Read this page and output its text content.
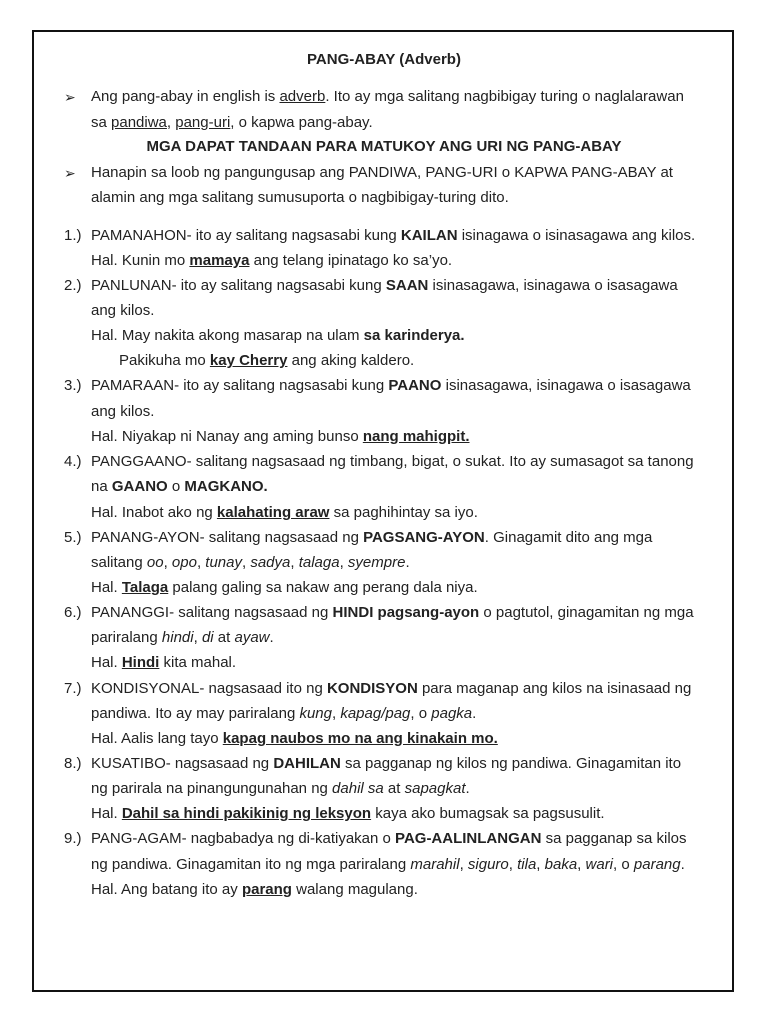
PANG-ABAY (Adverb)
➢ Ang pang-abay in english is adverb. Ito ay mga salitang nagbibigay turing o naglalarawan
sa pandiwa, pang-uri, o kapwa pang-abay.
MGA DAPAT TANDAAN PARA MATUKOY ANG URI NG PANG-ABAY
➢ Hanapin sa loob ng pangungusap ang PANDIWA, PANG-URI o KAPWA PANG-ABAY at
alamin ang mga salitang sumusuporta o nagbibigay-turing dito.
1.) PAMANAHON- ito ay salitang nagsasabi kung KAILAN isinagawa o isinasagawa ang kilos.
Hal. Kunin mo mamaya ang telang ipinatago ko sa’yo.
2.) PANLUNAN- ito ay salitang nagsasabi kung SAAN isinasagawa, isinagawa o isasagawa
ang kilos.
Hal. May nakita akong masarap na ulam sa karinderya.
Pakikuha mo kay Cherry ang aking kaldero.
3.) PAMARAAN- ito ay salitang nagsasabi kung PAANO isinasagawa, isinagawa o isasagawa
ang kilos.
Hal. Niyakap ni Nanay ang aming bunso nang mahigpit.
4.) PANGGAANO- salitang nagsasaad ng timbang, bigat, o sukat. Ito ay sumasagot sa tanong
na GAANO o MAGKANO.
Hal. Inabot ako ng kalahating araw sa paghihintay sa iyo.
5.) PANANG-AYON- salitang nagsasaad ng PAGSANG-AYON. Ginagamit dito ang mga
salitang oo, opo, tunay, sadya, talaga, syempre.
Hal. Talaga palang galing sa nakaw ang perang dala niya.
6.) PANANGGI- salitang nagsasaad ng HINDI pagsang-ayon o pagtutol, ginagamitan ng mga
pariralang hindi, di at ayaw.
Hal. Hindi kita mahal.
7.) KONDISYONAL- nagsasaad ito ng KONDISYON para maganap ang kilos na isinasaad ng
pandiwa. Ito ay may pariralang kung, kapag/pag, o pagka.
Hal. Aalis lang tayo kapag naubos mo na ang kinakain mo.
8.) KUSATIBO- nagsasaad ng DAHILAN sa pagganap ng kilos ng pandiwa. Ginagamitan ito
ng parirala na pinangungunahan ng dahil sa at sapagkat.
Hal. Dahil sa hindi pakikinig ng leksyon kaya ako bumagsak sa pagsusulit.
9.) PANG-AGAM- nagbabadya ng di-katiyakan o PAG-AALINLANGAN sa pagganap sa kilos
ng pandiwa. Ginagamitan ito ng mga pariralang marahil, siguro, tila, baka, wari, o parang.
Hal. Ang batang ito ay parang walang magulang.
